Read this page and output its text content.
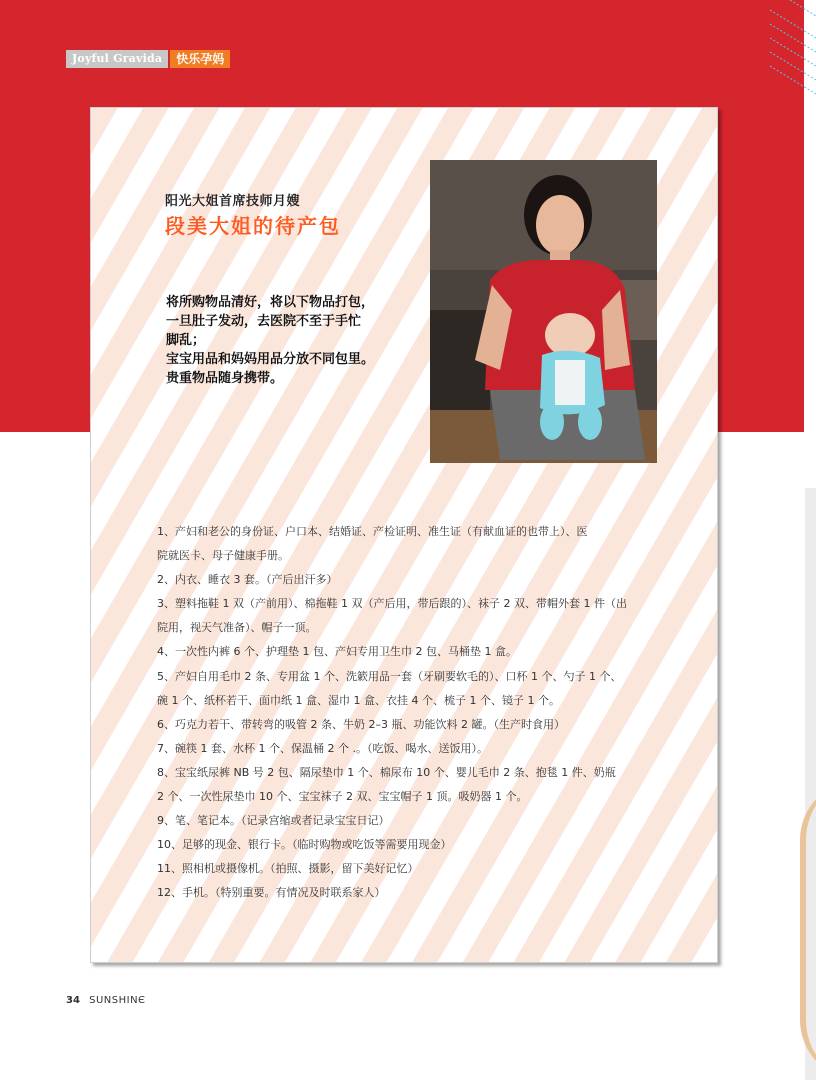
Joyful Gravida	快乐孕妈
阳光大姐首席技师月嫂
段美大姐的待产包

将所购物品清好，将以下物品打包，

一旦肚子发动，去医院不至于手忙

脚乱；

宝宝用品和妈妈用品分放不同包里。

贵重物品随身携带。

1、产妇和老公的身份证、户口本、结婚证、产检证明、准生证（有献血证的也带上）、医

院就医卡、母子健康手册。

2、内衣、睡衣 3 套。（产后出汗多）

3、塑料拖鞋 1 双（产前用）、棉拖鞋 1 双（产后用，带后跟的）、袜子 2 双、带帽外套 1 件（出

院用，视天气准备）、帽子一顶。

4、一次性内裤 6 个、护理垫 1 包、产妇专用卫生巾 2 包、马桶垫 1 盒。

5、产妇自用毛巾 2 条、专用盆 1 个、洗簌用品一套（牙刷要软毛的）、口杯 1 个、勺子 1 个、

碗 1 个、纸杯若干、面巾纸 1 盒、湿巾 1 盒、衣挂 4 个、梳子 1 个、镜子 1 个。

6、巧克力若干、带转弯的吸管 2 条、牛奶 2–3 瓶、功能饮料 2 罐。（生产时食用）

7、碗筷 1 套、水杯 1 个、保温桶 2 个 .。（吃饭、喝水、送饭用）。

8、宝宝纸尿裤 NB 号 2 包、隔尿垫巾 1 个、棉尿布 10 个、婴儿毛巾 2 条、抱毯 1 件、奶瓶

2 个、一次性尿垫巾 10 个、宝宝袜子 2 双、宝宝帽子 1 顶。吸奶器 1 个。

9、笔、笔记本。（记录宫缩或者记录宝宝日记）

10、足够的现金、银行卡。（临时购物或吃饭等需要用现金）

11、照相机或摄像机。（拍照、摄影，留下美好记忆）

12、手机。（特别重要。有情况及时联系家人）

34 SUNSHINЄ
